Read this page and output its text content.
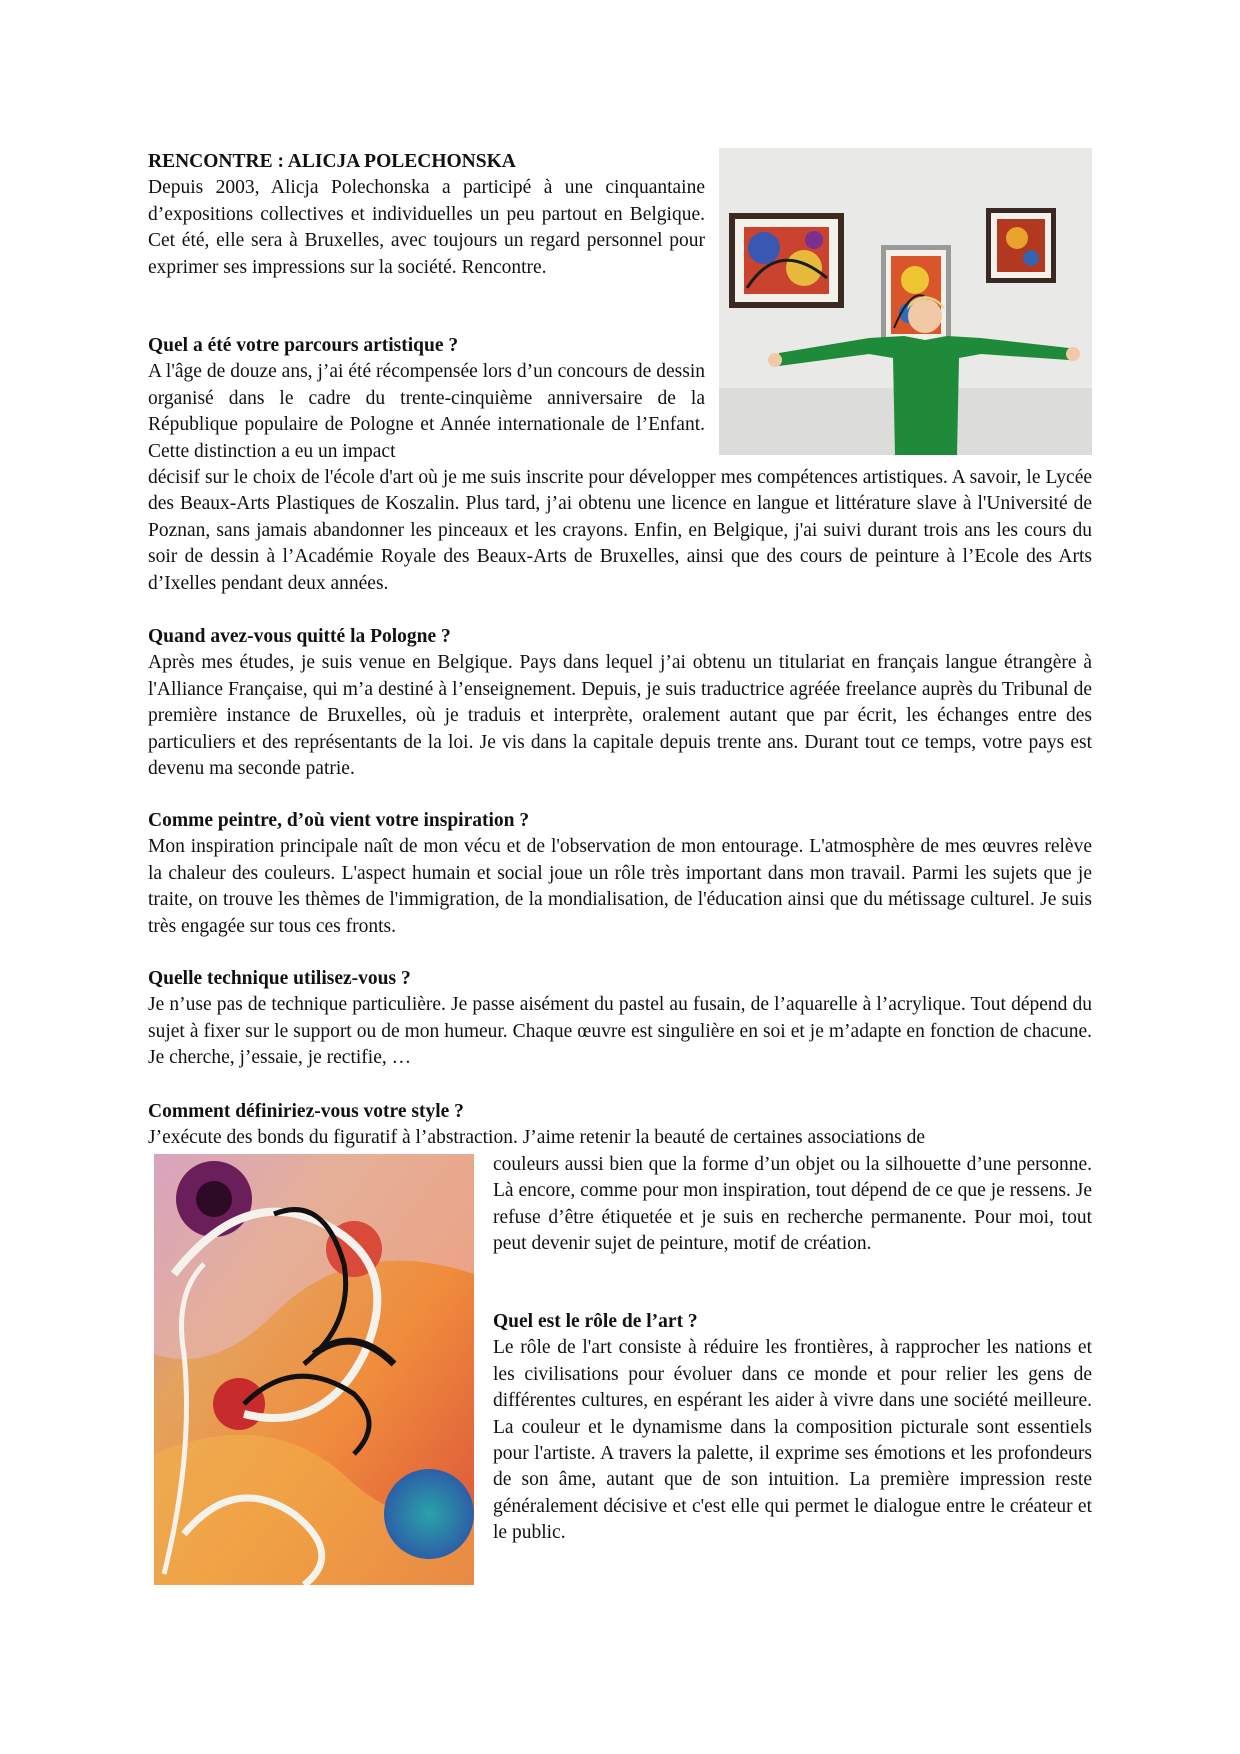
RENCONTRE : ALICJA POLECHONSKA
Depuis 2003, Alicja Polechonska a participé à une cinquantaine d’expositions collectives et individuelles un peu partout en Belgique. Cet été, elle sera à Bruxelles, avec toujours un regard personnel pour exprimer ses impressions sur la société. Rencontre.
Quel a été votre parcours artistique ?

A l'âge de douze ans, j’ai été récompensée lors d’un concours de dessin organisé dans le cadre du trente-cinquième anniversaire de la République populaire de Pologne et Année internationale de l’Enfant. Cette distinction a eu un impact

décisif sur le choix de l'école d'art où je me suis inscrite pour développer mes compétences artistiques. A savoir, le Lycée des Beaux-Arts Plastiques de Koszalin. Plus tard, j’ai obtenu une licence en langue et littérature slave à l'Université de Poznan, sans jamais abandonner les pinceaux et les crayons. Enfin, en Belgique, j'ai suivi durant trois ans les cours du soir de dessin à l’Académie Royale des Beaux-Arts de Bruxelles, ainsi que des cours de peinture à l’Ecole des Arts d’Ixelles pendant deux années.

Quand avez-vous quitté la Pologne ?

Après mes études, je suis venue en Belgique. Pays dans lequel j’ai obtenu un titulariat en français langue étrangère à l'Alliance Française, qui m’a destiné à l’enseignement. Depuis, je suis traductrice agréée freelance auprès du Tribunal de première instance de Bruxelles, où je traduis et interprète, oralement autant que par écrit, les échanges entre des particuliers et des représentants de la loi. Je vis dans la capitale depuis trente ans. Durant tout ce temps, votre pays est devenu ma seconde patrie.

Comme peintre, d’où vient votre inspiration ?

Mon inspiration principale naît de mon vécu et de l'observation de mon entourage. L'atmosphère de mes œuvres relève la chaleur des couleurs. L'aspect humain et social joue un rôle très important dans mon travail. Parmi les sujets que je traite, on trouve les thèmes de l'immigration, de la mondialisation, de l'éducation ainsi que du métissage culturel. Je suis très engagée sur tous ces fronts.

Quelle technique utilisez-vous ?

Je n’use pas de technique particulière. Je passe aisément du pastel au fusain, de l’aquarelle à l’acrylique. Tout dépend du sujet à fixer sur le support ou de mon humeur. Chaque œuvre est singulière en soi et je m’adapte en fonction de chacune. Je cherche, j’essaie, je rectifie, …

Comment définiriez-vous votre style ?

J’exécute des bonds du figuratif à l’abstraction. J’aime retenir la beauté de certaines associations de

couleurs aussi bien que la forme d’un objet ou la silhouette d’une personne. Là encore, comme pour mon inspiration, tout dépend de ce que je ressens. Je refuse d’être étiquetée et je suis en recherche permanente. Pour moi, tout peut devenir sujet de peinture, motif de création.

Quel est le rôle de l’art ?

Le rôle de l'art consiste à réduire les frontières, à rapprocher les nations et les civilisations pour évoluer dans ce monde et pour relier les gens de différentes cultures, en espérant les aider à vivre dans une société meilleure. La couleur et le dynamisme dans la composition picturale sont essentiels pour l'artiste. A travers la palette, il exprime ses émotions et les profondeurs de son âme, autant que de son intuition. La première impression reste généralement décisive et c'est elle qui permet le dialogue entre le créateur et le public.
